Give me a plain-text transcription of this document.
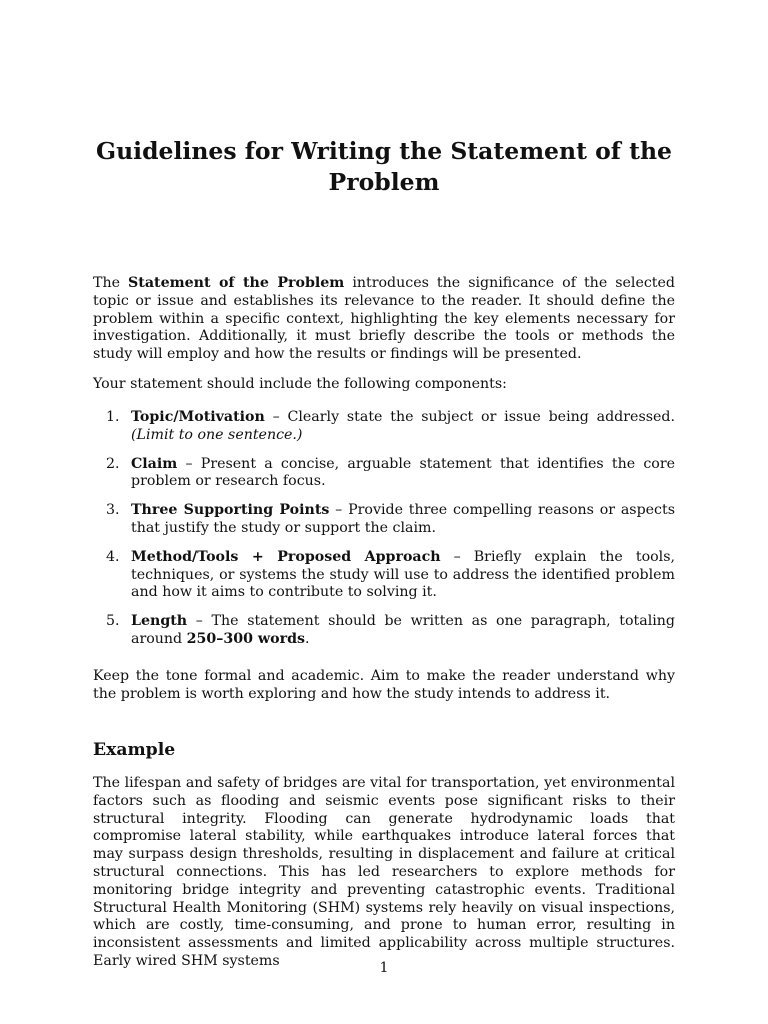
Guidelines for Writing the Statement of the Problem

The Statement of the Problem introduces the significance of the selected topic or issue and establishes its relevance to the reader. It should define the problem within a specific context, highlighting the key elements necessary for investigation. Additionally, it must briefly describe the tools or methods the study will employ and how the results or findings will be presented.

Your statement should include the following components:

1. Topic/Motivation – Clearly state the subject or issue being addressed. (Limit to one sentence.)
2. Claim – Present a concise, arguable statement that identifies the core problem or research focus.
3. Three Supporting Points – Provide three compelling reasons or aspects that justify the study or support the claim.
4. Method/Tools + Proposed Approach – Briefly explain the tools, techniques, or systems the study will use to address the identified problem and how it aims to contribute to solving it.
5. Length – The statement should be written as one paragraph, totaling around 250–300 words.

Keep the tone formal and academic. Aim to make the reader understand why the problem is worth exploring and how the study intends to address it.

Example

The lifespan and safety of bridges are vital for transportation, yet environmental factors such as flooding and seismic events pose significant risks to their structural integrity. Flooding can generate hydrodynamic loads that compromise lateral stability, while earthquakes introduce lateral forces that may surpass design thresholds, resulting in displacement and failure at critical structural connections. This has led researchers to explore methods for monitoring bridge integrity and preventing catastrophic events. Traditional Structural Health Monitoring (SHM) systems rely heavily on visual inspections, which are costly, time-consuming, and prone to human error, resulting in inconsistent assessments and limited applicability across multiple structures. Early wired SHM systems	1
